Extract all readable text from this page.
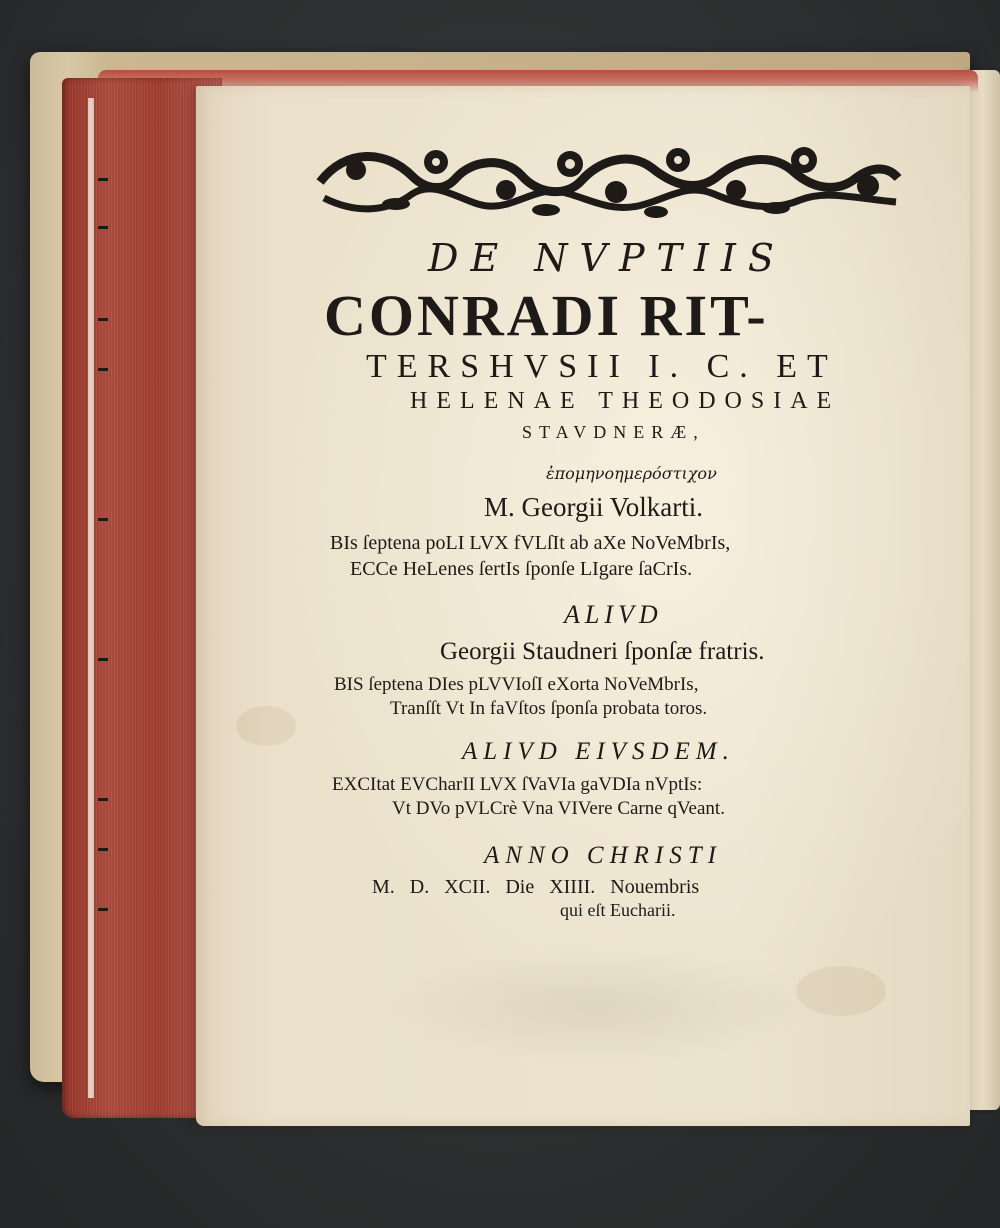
DE NVPTIIS

CONRADI RIT-

TERSHVSII I. C. ET

HELENAE THEODOSIAE

STAVDNERÆ,

ἐπομηνοημερόστιχον

M. Georgii Volkarti.

BIs ſeptena poLI LVX fVLſIt ab aXe NoVeMbrIs,

ECCe HeLenes ſertIs ſponſe LIgare ſaCrIs.

ALIVD

Georgii Staudneri ſponſæ fratris.

BIS ſeptena DIes pLVVIoſI eXorta NoVeMbrIs,

Tranſſt Vt In faVſtos ſponſa probata toros.

ALIVD EIVSDEM.

EXCItat EVCharII LVX ſVaVIa gaVDIa nVptIs:

Vt DVo pVLCrè Vna VIVere Carne qVeant.

ANNO CHRISTI

M. D. XCII. Die XIIII. Nouembris

qui eſt Eucharii.
